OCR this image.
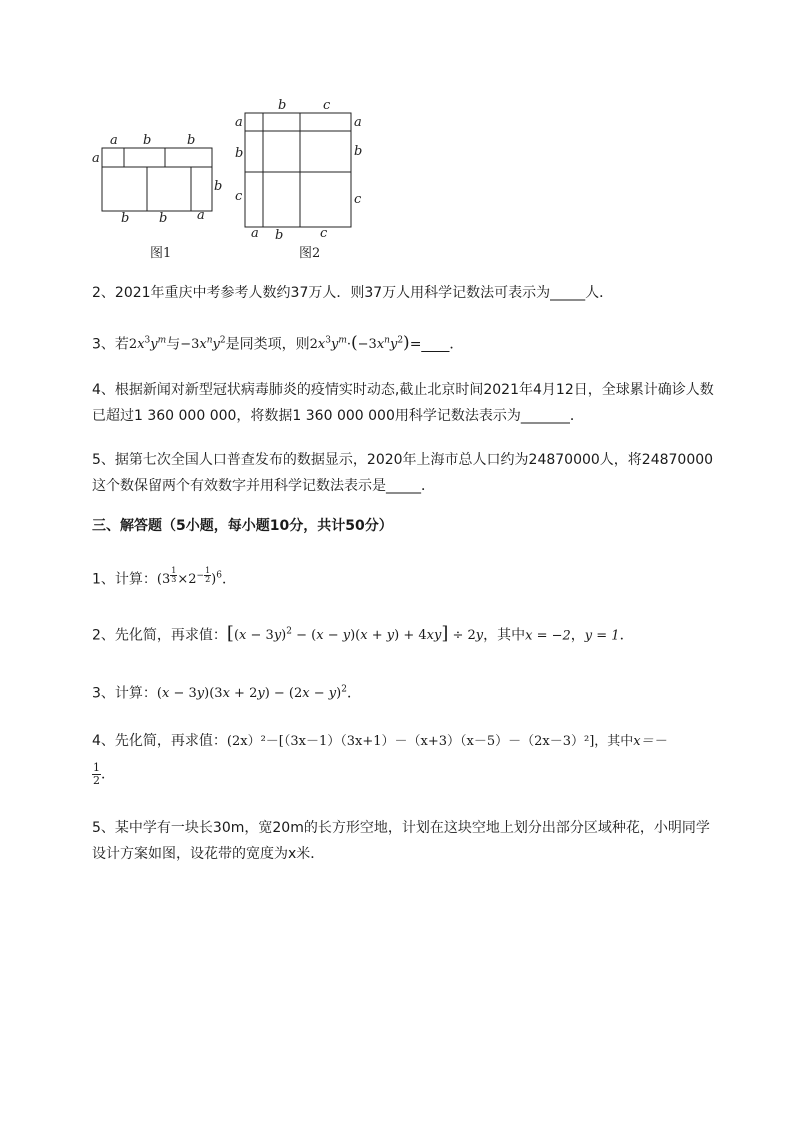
a b	b
a
b
b b a
图1
b	c
a
b
c
a
b
c
a b	c
图2
2、2021年重庆中考参考人数约37万人．则37万人用科学记数法可表示为_____人．
3、若$2x^3y^m$与$-3x^ny^2$是同类项，则$2x^3y^m\cdot(-3x^ny^2)=\_\_\_\_$．
4、根据新闻对新型冠状病毒肺炎的疫情实时动态,截止北京时间2021年4月12日，全球累计确诊人数已超过1 360 000 000，将数据1 360 000 000用科学记数法表示为_______．
5、据第七次全国人口普查发布的数据显示，2020年上海市总人口约为24870000人，将24870000这个数保留两个有效数字并用科学记数法表示是_____．
三、解答题（5小题，每小题10分，共计50分）
1、计算：(3 $^{\frac{1}{3}} \times 2^{- \frac{1}{2}}$ )$^6$．
2、先化简，再求值：$[(x - 3y)^2 - (x - y)(x + y) + 4xy] \div 2y$，其中x = −2，y = 1．
3、计算：$(x - 3y)(3x + 2y) - (2x - y)^2$．
4、先化简，再求值：(2x）²－[（3x－1）（3x+1）－（x+3）（x－5）－（2x－3）²]，其中x＝－
$\frac{1}{2}$ ．
5、某中学有一块长30m，宽20m的长方形空地，计划在这块空地上划分出部分区域种花，小明同学设计方案如图，设花带的宽度为x米．
